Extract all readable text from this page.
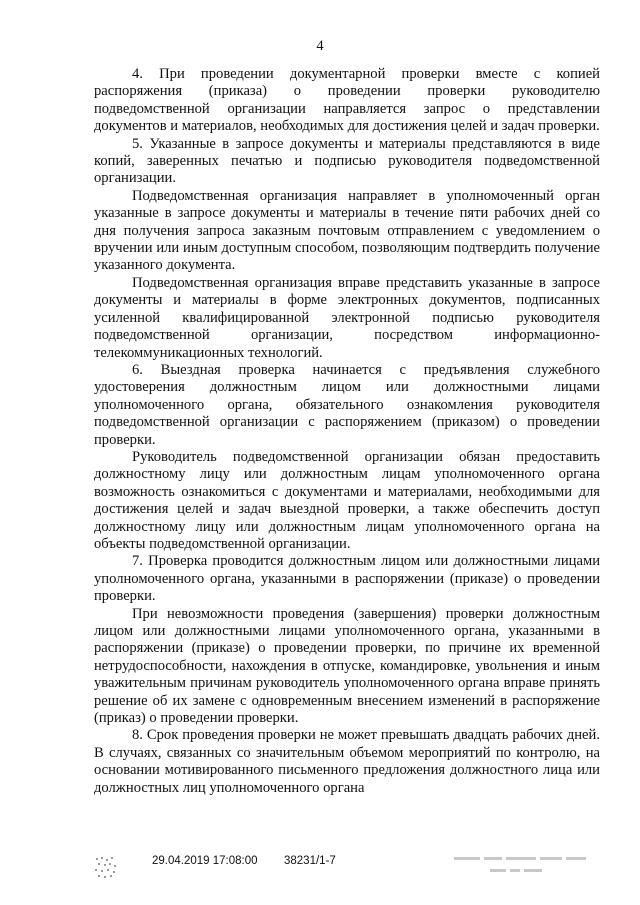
4

4. При проведении документарной проверки вместе с копией распоряжения (приказа) о проведении проверки руководителю подведомственной организации направляется запрос о представлении документов и материалов, необходимых для достижения целей и задач проверки.

5. Указанные в запросе документы и материалы представляются в виде копий, заверенных печатью и подписью руководителя подведомственной организации.

Подведомственная организация направляет в уполномоченный орган указанные в запросе документы и материалы в течение пяти рабочих дней со дня получения запроса заказным почтовым отправлением с уведомлением о вручении или иным доступным способом, позволяющим подтвердить получение указанного документа.

Подведомственная организация вправе представить указанные в запросе документы и материалы в форме электронных документов, подписанных усиленной квалифицированной электронной подписью руководителя подведомственной организации, посредством информационно-телекоммуникационных технологий.

6. Выездная проверка начинается с предъявления служебного удостоверения должностным лицом или должностными лицами уполномоченного органа, обязательного ознакомления руководителя подведомственной организации с распоряжением (приказом) о проведении проверки.

Руководитель подведомственной организации обязан предоставить должностному лицу или должностным лицам уполномоченного органа возможность ознакомиться с документами и материалами, необходимыми для достижения целей и задач выездной проверки, а также обеспечить доступ должностному лицу или должностным лицам уполномоченного органа на объекты подведомственной организации.

7. Проверка проводится должностным лицом или должностными лицами уполномоченного органа, указанными в распоряжении (приказе) о проведении проверки.

При невозможности проведения (завершения) проверки должностным лицом или должностными лицами уполномоченного органа, указанными в распоряжении (приказе) о проведении проверки, по причине их временной нетрудоспособности, нахождения в отпуске, командировке, увольнения и иным уважительным причинам руководитель уполномоченного органа вправе принять решение об их замене с одновременным внесением изменений в распоряжение (приказ) о проведении проверки.

8. Срок проведения проверки не может превышать двадцать рабочих дней. В случаях, связанных со значительным объемом мероприятий по контролю, на основании мотивированного письменного предложения должностного лица или должностных лиц уполномоченного органа

29.04.2019 17:08:00 38231/1-7
